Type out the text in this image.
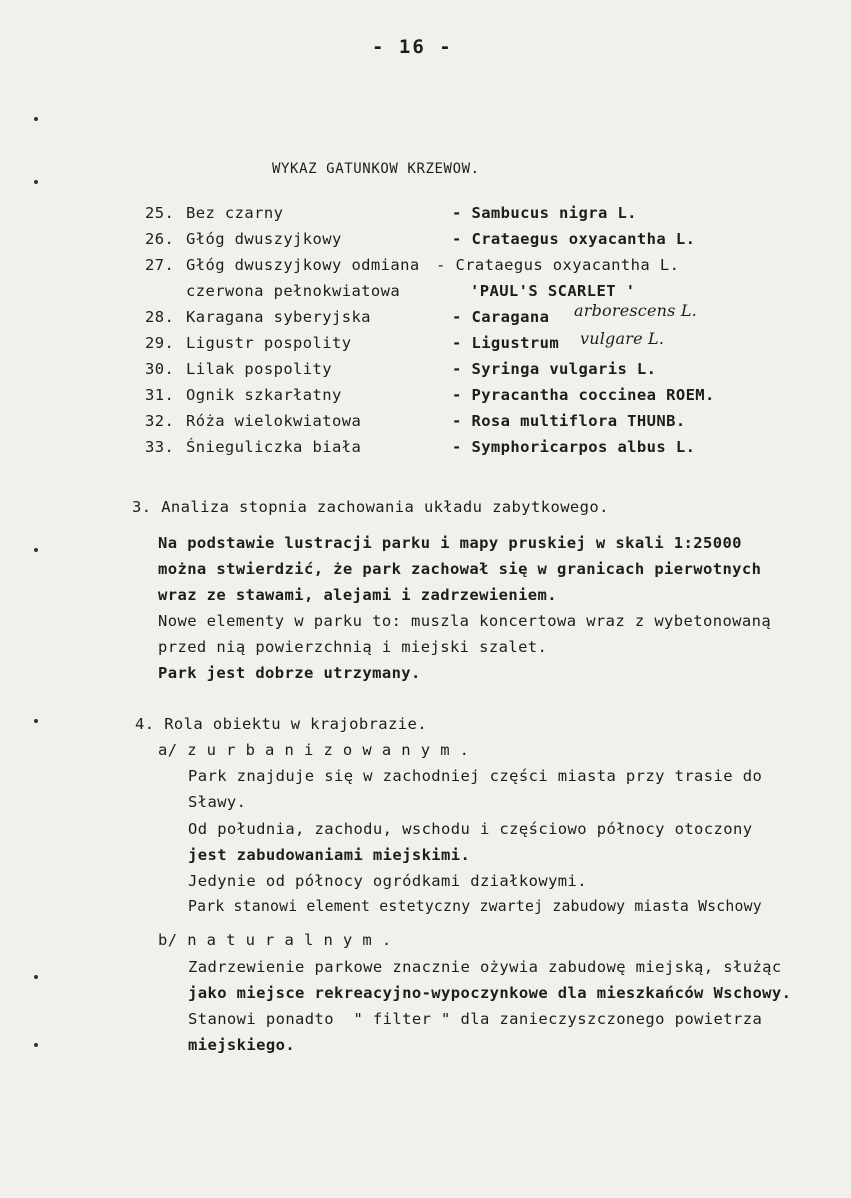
- 16 -
WYKAZ GATUNKOW KRZEWOW.
25. Bez czarny	- Sambucus nigra L.
26. Głóg dwuszyjkowy	- Crataegus oxyacantha L.
27. Głóg dwuszyjkowy odmiana - Crataegus oxyacantha L.
czerwona pełnokwiatowa	'PAUL'S SCARLET '
28. Karagana syberyjska	- Caragana arborescens L.
29. Ligustr pospolity	- Ligustrum vulgare L.
30. Lilak pospolity	- Syringa vulgaris L.
31. Ognik szkarłatny	- Pyracantha coccinea ROEM.
32. Róża wielokwiatowa	- Rosa multiflora THUNB.
33. Śnieguliczka biała	- Symphoricarpos albus L.
3. Analiza stopnia zachowania układu zabytkowego.
Na podstawie lustracji parku i mapy pruskiej w skali 1:25000
można stwierdzić, że park zachował się w granicach pierwotnych
wraz ze stawami, alejami i zadrzewieniem.
Nowe elementy w parku to: muszla koncertowa wraz z wybetonowaną
przed nią powierzchnią i miejski szalet.
Park jest dobrze utrzymany.
4. Rola obiektu w krajobrazie.
a/ z u r b a n i z o w a n y m .
Park znajduje się w zachodniej części miasta przy trasie do
Sławy.
Od południa, zachodu, wschodu i częściowo północy otoczony
jest zabudowaniami miejskimi.
Jedynie od północy ogródkami działkowymi.
Park stanowi element estetyczny zwartej zabudowy miasta Wschowy
b/ n a t u r a l n y m .
Zadrzewienie parkowe znacznie ożywia zabudowę miejską, służąc
jako miejsce rekreacyjno-wypoczynkowe dla mieszkańców Wschowy.
Stanowi ponadto  " filter " dla zanieczyszczonego powietrza
miejskiego.
